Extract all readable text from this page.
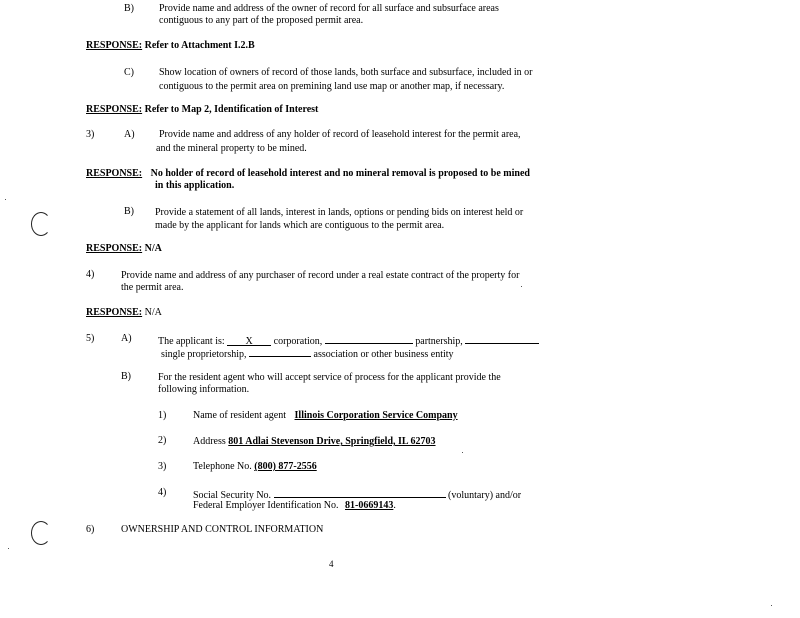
B)	Provide name and address of the owner of record for all surface and subsurface areas
contiguous to any part of the proposed permit area.
RESPONSE: Refer to Attachment I.2.B
C)	Show location of owners of record of those lands, both surface and subsurface, included in or
contiguous to the permit area on premining land use map or another map, if necessary.
RESPONSE: Refer to Map 2, Identification of Interest
3)	A) Provide name and address of any holder of record of leasehold interest for the permit area,
and the mineral property to be mined.
RESPONSE: No holder of record of leasehold interest and no mineral removal is proposed to be mined
in this application.
B) Provide a statement of all lands, interest in lands, options or pending bids on interest held or
made by the applicant for lands which are contiguous to the permit area.
RESPONSE: N/A
4)	Provide name and address of any purchaser of record under a real estate contract of the property for
the permit area.
RESPONSE: N/A
5)	A)	The applicant is: X corporation,	partnership,
single proprietorship,	association or other business entity
B)	For the resident agent who will accept service of process for the applicant provide the
following information.
1)	Name of resident agent Illinois Corporation Service Company
2)	Address 801 Adlai Stevenson Drive, Springfield, IL 62703
3)	Telephone No. (800) 877-2556
4)	Social Security No.	(voluntary) and/or
Federal Employer Identification No. 81-0669143.
6)	OWNERSHIP AND CONTROL INFORMATION
4
